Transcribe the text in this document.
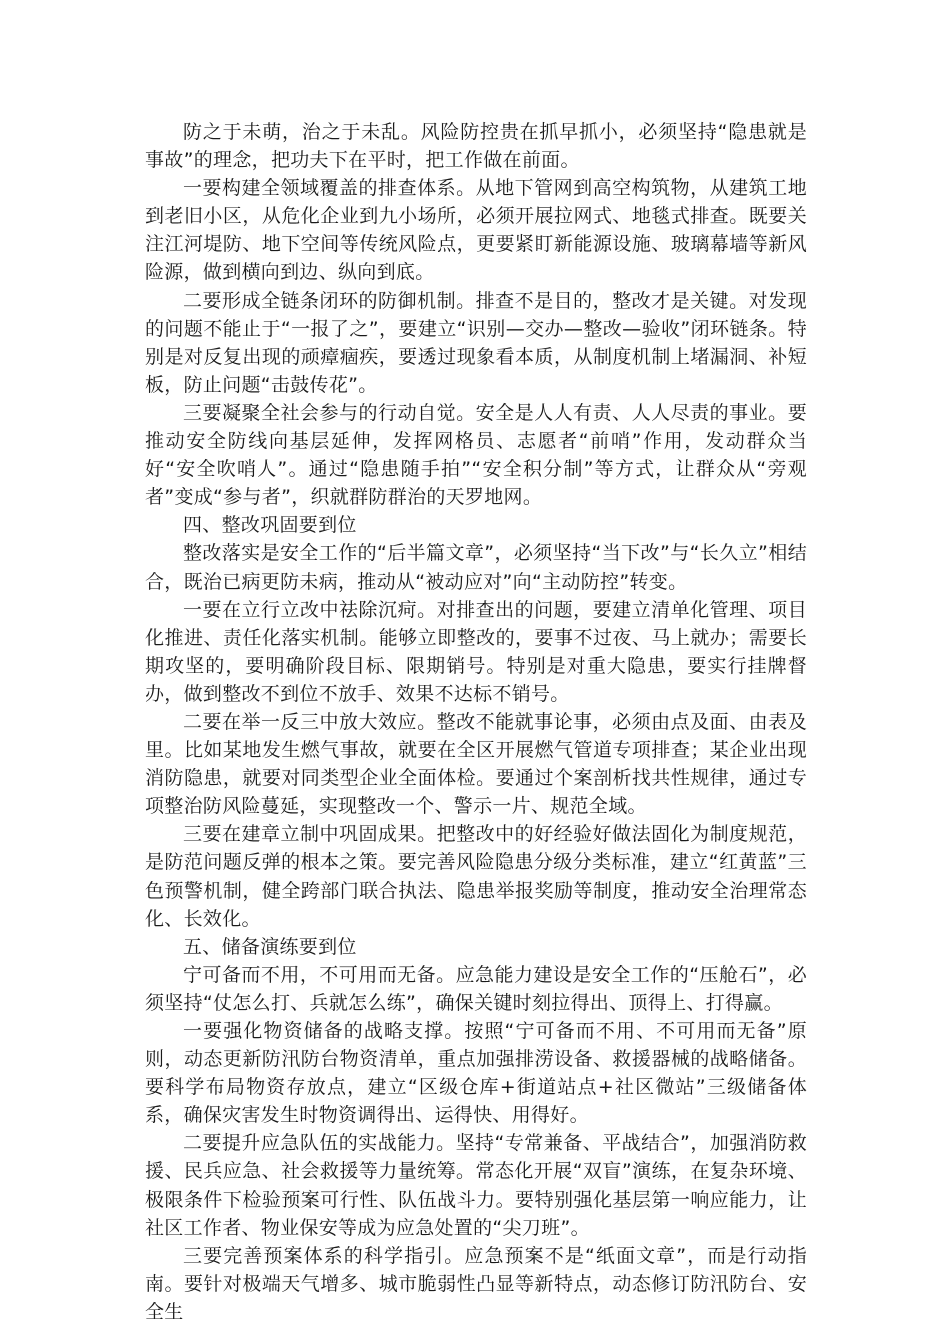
防之于未萌，治之于未乱。风险防控贵在抓早抓小，必须坚持“隐患就是事故”的理念，把功夫下在平时，把工作做在前面。

一要构建全领域覆盖的排查体系。从地下管网到高空构筑物，从建筑工地到老旧小区，从危化企业到九小场所，必须开展拉网式、地毯式排查。既要关注江河堤防、地下空间等传统风险点，更要紧盯新能源设施、玻璃幕墙等新风险源，做到横向到边、纵向到底。

二要形成全链条闭环的防御机制。排查不是目的，整改才是关键。对发现的问题不能止于“一报了之”，要建立“识别—交办—整改—验收”闭环链条。特别是对反复出现的顽瘴痼疾，要透过现象看本质，从制度机制上堵漏洞、补短板，防止问题“击鼓传花”。

三要凝聚全社会参与的行动自觉。安全是人人有责、人人尽责的事业。要推动安全防线向基层延伸，发挥网格员、志愿者“前哨”作用，发动群众当好“安全吹哨人”。通过“隐患随手拍”“安全积分制”等方式，让群众从“旁观者”变成“参与者”，织就群防群治的天罗地网。

四、整改巩固要到位

整改落实是安全工作的“后半篇文章”，必须坚持“当下改”与“长久立”相结合，既治已病更防未病，推动从“被动应对”向“主动防控”转变。

一要在立行立改中祛除沉疴。对排查出的问题，要建立清单化管理、项目化推进、责任化落实机制。能够立即整改的，要事不过夜、马上就办；需要长期攻坚的，要明确阶段目标、限期销号。特别是对重大隐患，要实行挂牌督办，做到整改不到位不放手、效果不达标不销号。

二要在举一反三中放大效应。整改不能就事论事，必须由点及面、由表及里。比如某地发生燃气事故，就要在全区开展燃气管道专项排查；某企业出现消防隐患，就要对同类型企业全面体检。要通过个案剖析找共性规律，通过专项整治防风险蔓延，实现整改一个、警示一片、规范全域。

三要在建章立制中巩固成果。把整改中的好经验好做法固化为制度规范，是防范问题反弹的根本之策。要完善风险隐患分级分类标准，建立“红黄蓝”三色预警机制，健全跨部门联合执法、隐患举报奖励等制度，推动安全治理常态化、长效化。

五、储备演练要到位

宁可备而不用，不可用而无备。应急能力建设是安全工作的“压舱石”，必须坚持“仗怎么打、兵就怎么练”，确保关键时刻拉得出、顶得上、打得赢。

一要强化物资储备的战略支撑。按照“宁可备而不用、不可用而无备”原则，动态更新防汛防台物资清单，重点加强排涝设备、救援器械的战略储备。要科学布局物资存放点，建立“区级仓库+街道站点+社区微站”三级储备体系，确保灾害发生时物资调得出、运得快、用得好。

二要提升应急队伍的实战能力。坚持“专常兼备、平战结合”，加强消防救援、民兵应急、社会救援等力量统筹。常态化开展“双盲”演练，在复杂环境、极限条件下检验预案可行性、队伍战斗力。要特别强化基层第一响应能力，让社区工作者、物业保安等成为应急处置的“尖刀班”。

三要完善预案体系的科学指引。应急预案不是“纸面文章”，而是行动指南。要针对极端天气增多、城市脆弱性凸显等新特点，动态修订防汛防台、安全生
